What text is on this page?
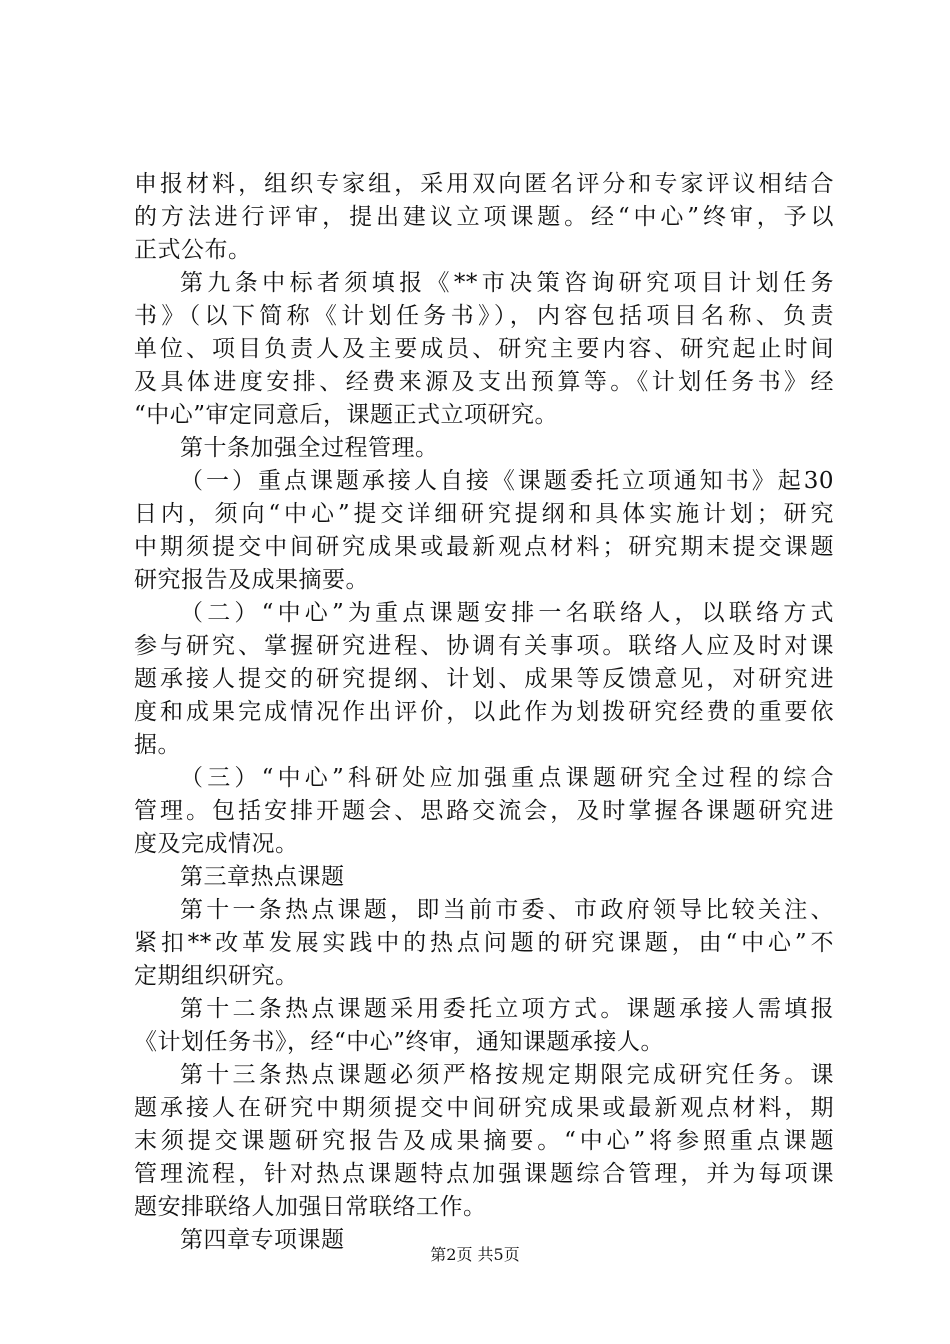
申报材料，组织专家组，采用双向匿名评分和专家评议相结合
的方法进行评审，提出建议立项课题。经“中心”终审，予以
正式公布。
第九条中标者须填报《**市决策咨询研究项目计划任务
书》（以下简称《计划任务书》），内容包括项目名称、负责
单位、项目负责人及主要成员、研究主要内容、研究起止时间
及具体进度安排、经费来源及支出预算等。《计划任务书》经
“中心”审定同意后，课题正式立项研究。
第十条加强全过程管理。
（一）重点课题承接人自接《课题委托立项通知书》起30
日内，须向“中心”提交详细研究提纲和具体实施计划；研究
中期须提交中间研究成果或最新观点材料；研究期末提交课题
研究报告及成果摘要。
（二）“中心”为重点课题安排一名联络人，以联络方式
参与研究、掌握研究进程、协调有关事项。联络人应及时对课
题承接人提交的研究提纲、计划、成果等反馈意见，对研究进
度和成果完成情况作出评价，以此作为划拨研究经费的重要依
据。
（三）“中心”科研处应加强重点课题研究全过程的综合
管理。包括安排开题会、思路交流会，及时掌握各课题研究进
度及完成情况。
第三章热点课题
第十一条热点课题，即当前市委、市政府领导比较关注、
紧扣**改革发展实践中的热点问题的研究课题，由“中心”不
定期组织研究。
第十二条热点课题采用委托立项方式。课题承接人需填报
《计划任务书》，经“中心”终审，通知课题承接人。
第十三条热点课题必须严格按规定期限完成研究任务。课
题承接人在研究中期须提交中间研究成果或最新观点材料，期
末须提交课题研究报告及成果摘要。“中心”将参照重点课题
管理流程，针对热点课题特点加强课题综合管理，并为每项课
题安排联络人加强日常联络工作。
第四章专项课题
第2页 共5页
